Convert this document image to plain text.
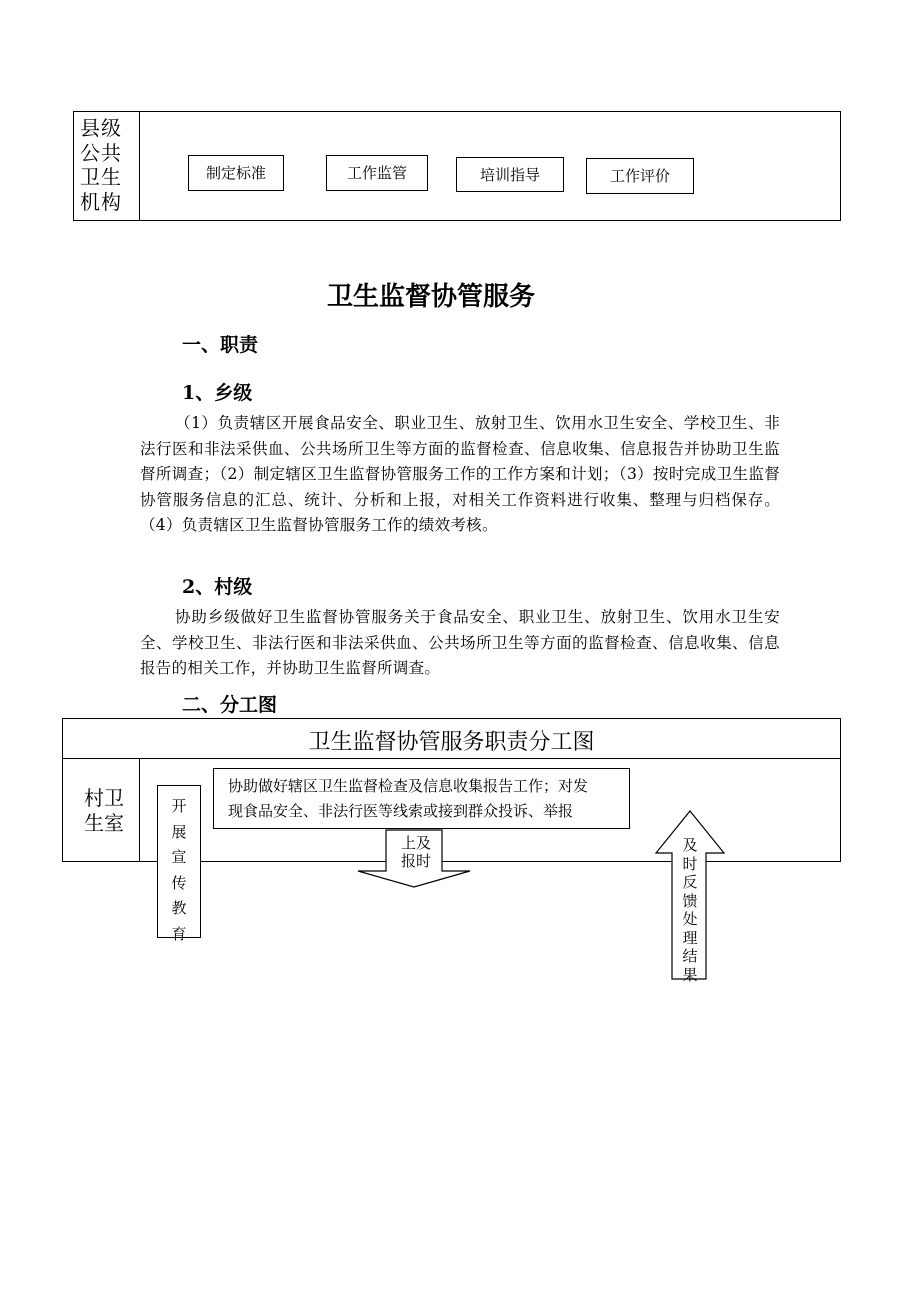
县级
公共
卫生
机构
制定标准	工作监管	培训指导	工作评价
卫生监督协管服务
一、职责
1、乡级

（1）负责辖区开展食品安全、职业卫生、放射卫生、饮用水卫生安全、学校卫生、非法行医和非法采供血、公共场所卫生等方面的监督检查、信息收集、信息报告并协助卫生监督所调查；（2）制定辖区卫生监督协管服务工作的工作方案和计划；（3）按时完成卫生监督协管服务信息的汇总、统计、分析和上报，对相关工作资料进行收集、整理与归档保存。（4）负责辖区卫生监督协管服务工作的绩效考核。

2、村级

协助乡级做好卫生监督协管服务关于食品安全、职业卫生、放射卫生、饮用水卫生安全、学校卫生、非法行医和非法采供血、公共场所卫生等方面的监督检查、信息收集、信息报告的相关工作，并协助卫生监督所调查。

二、分工图
卫生监督协管服务职责分工图
村卫
生室
协助做好辖区卫生监督检查及信息收集报告工作；对发
现食品安全、非法行医等线索或接到群众投诉、举报
开
展
宣
传
教
育
上及
报时
及
时
反
馈
处
理
结
果
